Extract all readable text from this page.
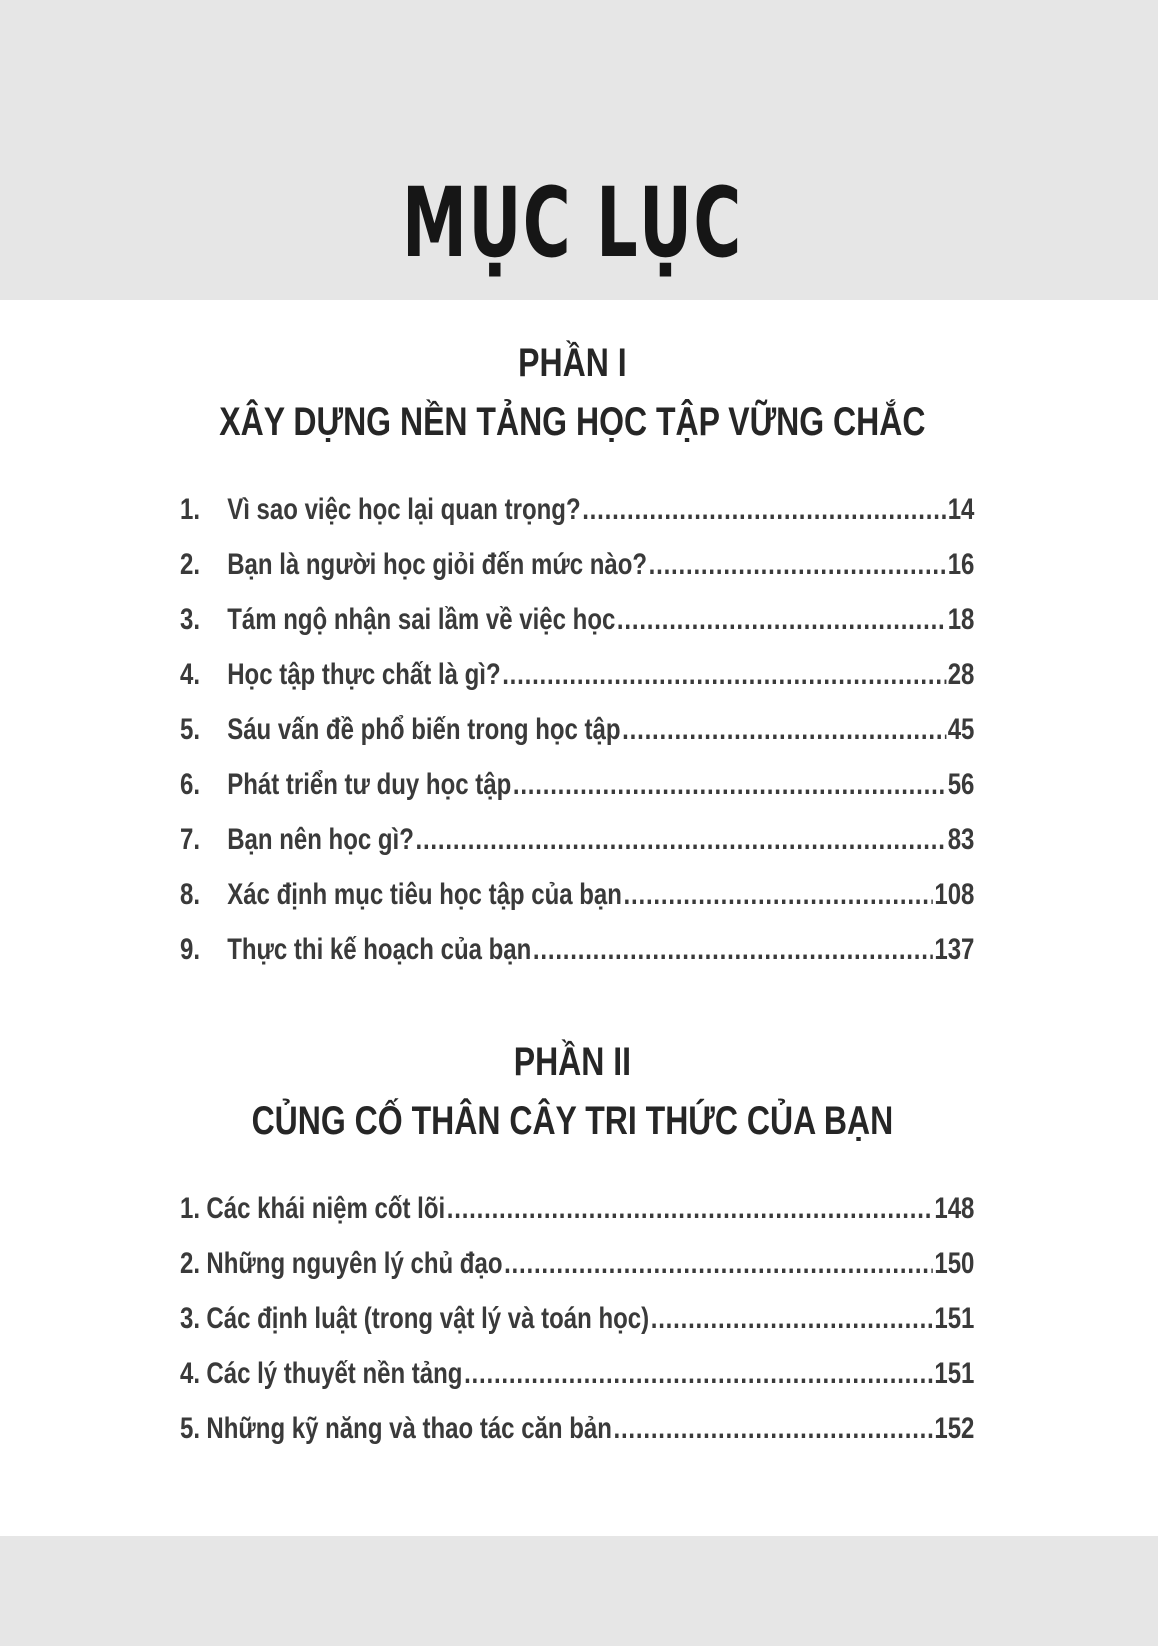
MỤC LỤC
PHẦN I
XÂY DỰNG NỀN TẢNG HỌC TẬP VỮNG CHẮC
1. Vì sao việc học lại quan trọng? .....	14
2. Bạn là người học giỏi đến mức nào? .....	16
3. Tám ngộ nhận sai lầm về việc học .....	18
4. Học tập thực chất là gì? .....	28
5. Sáu vấn đề phổ biến trong học tập .....	45
6. Phát triển tư duy học tập .....	56
7. Bạn nên học gì? .....	83
8. Xác định mục tiêu học tập của bạn .....	108
9. Thực thi kế hoạch của bạn .....	137
PHẦN II
CỦNG CỐ THÂN CÂY TRI THỨC CỦA BẠN
1. Các khái niệm cốt lõi .....	148
2. Những nguyên lý chủ đạo .....	150
3. Các định luật (trong vật lý và toán học) .....	151
4. Các lý thuyết nền tảng .....	151
5. Những kỹ năng và thao tác căn bản .....	152
